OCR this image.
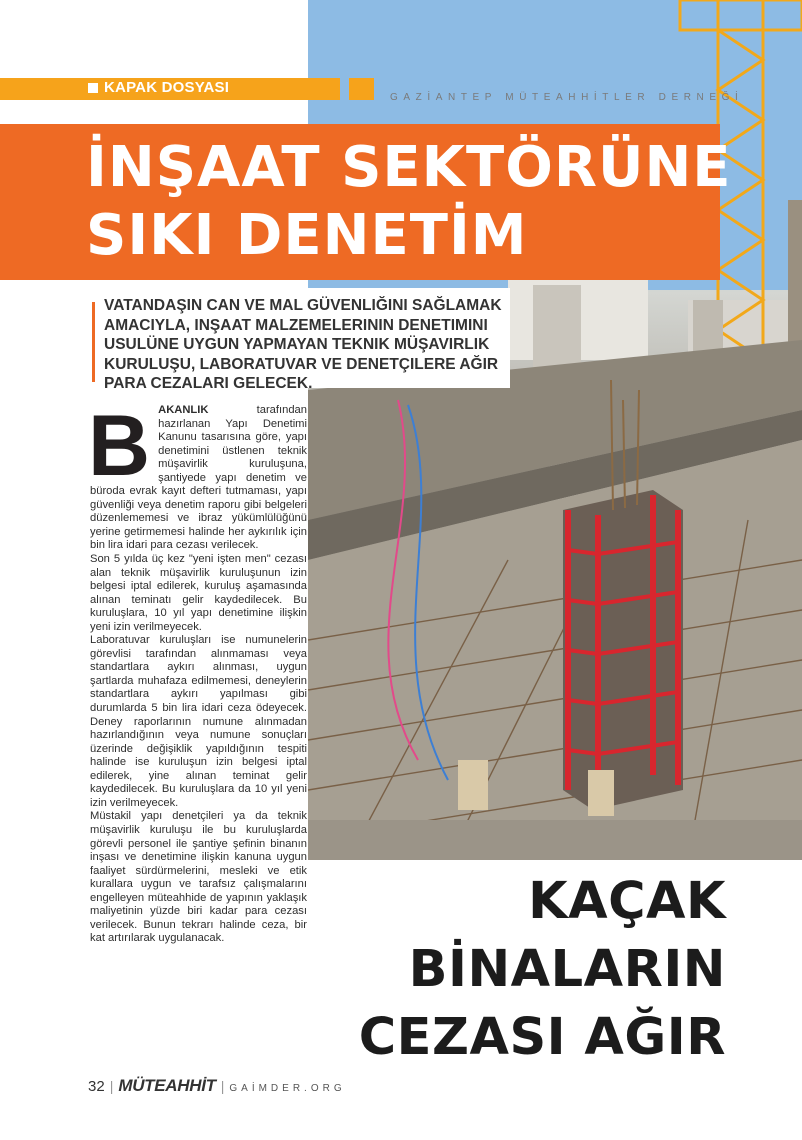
KAPAK DOSYASI
GAZİANTEP MÜTEAHHİTLER DERNEĞİ
İNŞAAT SEKTÖRÜNE
SIKI DENETİM
VATANDAŞIN CAN VE MAL GÜVENLIĞINI SAĞLAMAK AMACIYLA, INŞAAT MALZEMELERININ DENETIMINI USULÜNE UYGUN YAPMAYAN TEKNIK MÜŞAVIRLIK KURULUŞU, LABORATUVAR VE DENETÇILERE AĞIR PARA CEZALARI GELECEK.

BAKANLIK tarafından hazırlanan Yapı Denetimi Kanunu tasarısına göre, yapı denetimini üstlenen teknik müşavirlik kuruluşuna, şantiyede yapı denetim ve büroda evrak kayıt defteri tutmaması, yapı güvenliği veya denetim raporu gibi belgeleri düzenlememesi ve ibraz yükümlülüğünü yerine getirmemesi halinde her aykırılık için bin lira idari para cezası verilecek.

Son 5 yılda üç kez "yeni işten men" cezası alan teknik müşavirlik kuruluşunun izin belgesi iptal edilerek, kuruluş aşamasında alınan teminatı gelir kaydedilecek. Bu kuruluşlara, 10 yıl yapı denetimine ilişkin yeni izin verilmeyecek.

Laboratuvar kuruluşları ise numunelerin görevlisi tarafından alınmaması veya standartlara aykırı alınması, uygun şartlarda muhafaza edilmemesi, deneylerin standartlara aykırı yapılması gibi durumlarda 5 bin lira idari ceza ödeyecek. Deney raporlarının numune alınmadan hazırlandığının veya numune sonuçları üzerinde değişiklik yapıldığının tespiti halinde ise kuruluşun izin belgesi iptal edilerek, yine alınan teminat gelir kaydedilecek. Bu kuruluşlara da 10 yıl yeni izin verilmeyecek.

Müstakil yapı denetçileri ya da teknik müşavirlik kuruluşu ile bu kuruluşlarda görevli personel ile şantiye şefinin binanın inşası ve denetimine ilişkin kanuna uygun faaliyet sürdürmelerini, mesleki ve etik kurallara uygun ve tarafsız çalışmalarını engelleyen müteahhide de yapının yaklaşık maliyetinin yüzde biri kadar para cezası verilecek. Bunun tekrarı halinde ceza, bir kat artırılarak uygulanacak.

KAÇAK
BİNALARIN
CEZASI AĞIR
32 | MÜTEAHHİT | GAİMDER.ORG
